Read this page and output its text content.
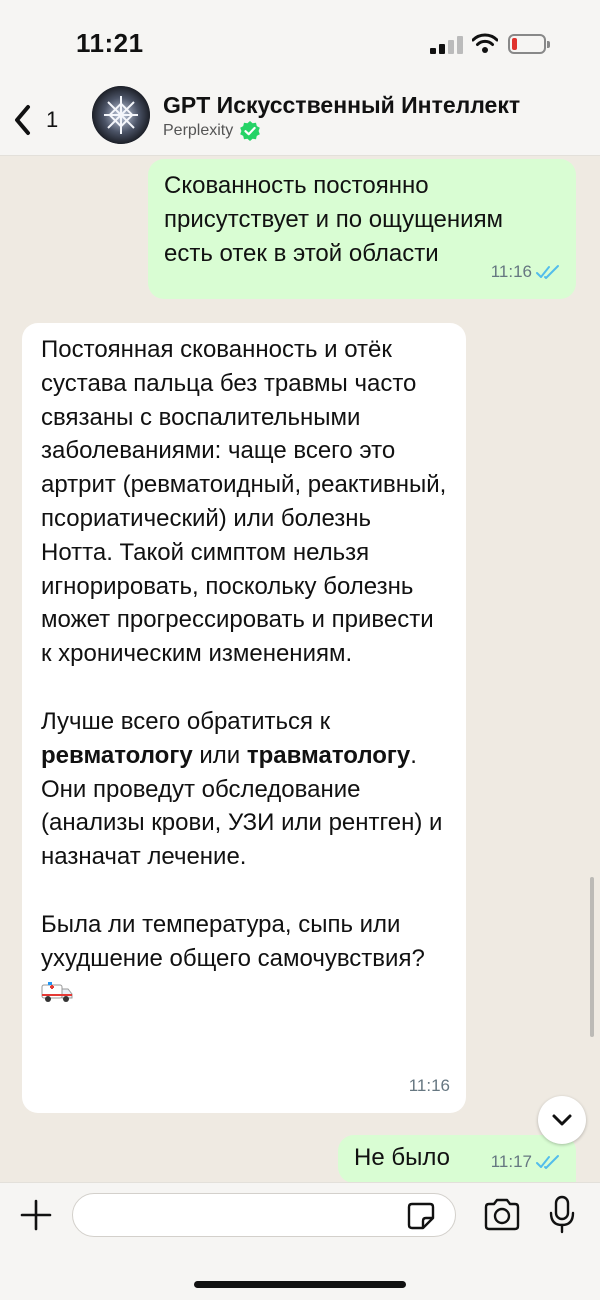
11:21
1
GPT Искусственный Интеллект
Perplexity

Скованность постоянно присутствует и по ощущениям есть отек в этой области

11:16

Постоянная скованность и отёк сустава пальца без травмы часто связаны с воспалительными заболеваниями: чаще всего это артрит (ревматоидный, реактивный, псориатический) или болезнь Нотта. Такой симптом нельзя игнорировать, поскольку болезнь может прогрессировать и привести к хроническим изменениям.

Лучше всего обратиться к ревматологу или травматологу. Они проведут обследование (анализы крови, УЗИ или рентген) и назначат лечение.

Была ли температура, сыпь или ухудшение общего самочувствия?

11:16

Не было	11:17
